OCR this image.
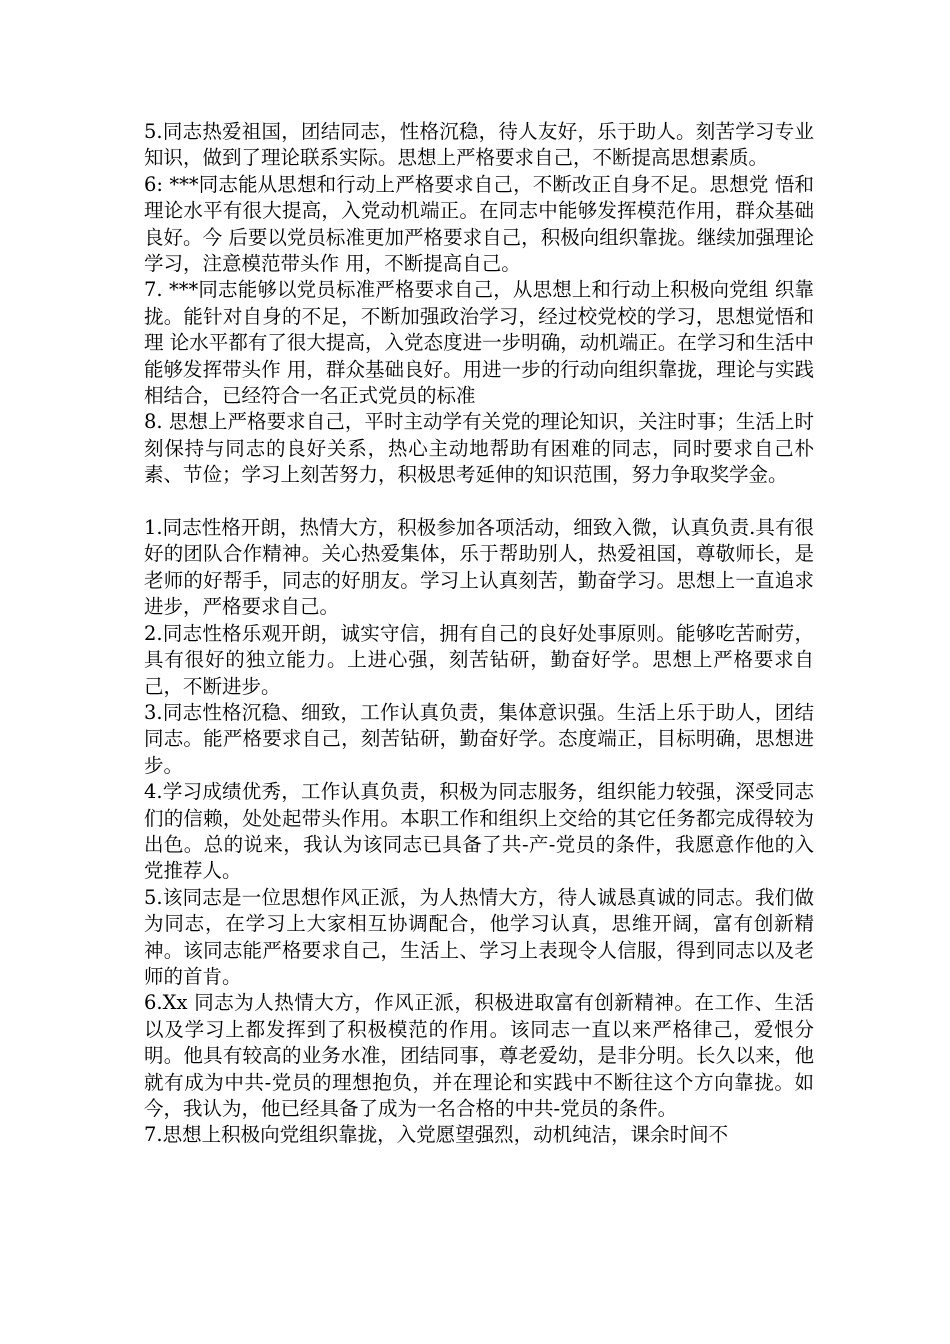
5.同志热爱祖国，团结同志，性格沉稳，待人友好，乐于助人。刻苦学习专业知识，做到了理论联系实际。思想上严格要求自己，不断提高思想素质。

6: ***同志能从思想和行动上严格要求自己，不断改正自身不足。思想党 悟和理论水平有很大提高，入党动机端正。在同志中能够发挥模范作用，群众基础良好。今 后要以党员标准更加严格要求自己，积极向组织靠拢。继续加强理论学习，注意模范带头作 用，不断提高自己。

7. ***同志能够以党员标准严格要求自己，从思想上和行动上积极向党组 织靠拢。能针对自身的不足，不断加强政治学习，经过校党校的学习，思想觉悟和理 论水平都有了很大提高，入党态度进一步明确，动机端正。在学习和生活中能够发挥带头作 用，群众基础良好。用进一步的行动向组织靠拢，理论与实践相结合，已经符合一名正式党员的标准

8. 思想上严格要求自己，平时主动学有关党的理论知识，关注时事；生活上时刻保持与同志的良好关系，热心主动地帮助有困难的同志，同时要求自己朴素、节俭；学习上刻苦努力，积极思考延伸的知识范围，努力争取奖学金。

1.同志性格开朗，热情大方，积极参加各项活动，细致入微，认真负责.具有很好的团队合作精神。关心热爱集体，乐于帮助别人，热爱祖国，尊敬师长，是老师的好帮手，同志的好朋友。学习上认真刻苦，勤奋学习。思想上一直追求进步，严格要求自己。

2.同志性格乐观开朗，诚实守信，拥有自己的良好处事原则。能够吃苦耐劳，具有很好的独立能力。上进心强，刻苦钻研，勤奋好学。思想上严格要求自己，不断进步。

3.同志性格沉稳、细致，工作认真负责，集体意识强。生活上乐于助人，团结同志。能严格要求自己，刻苦钻研，勤奋好学。态度端正，目标明确，思想进步。

4.学习成绩优秀，工作认真负责，积极为同志服务，组织能力较强，深受同志们的信赖，处处起带头作用。本职工作和组织上交给的其它任务都完成得较为出色。总的说来，我认为该同志已具备了共-产-党员的条件，我愿意作他的入党推荐人。

5.该同志是一位思想作风正派，为人热情大方，待人诚恳真诚的同志。我们做为同志，在学习上大家相互协调配合，他学习认真，思维开阔，富有创新精神。该同志能严格要求自己，生活上、学习上表现令人信服，得到同志以及老师的首肯。

6.Xx 同志为人热情大方，作风正派，积极进取富有创新精神。在工作、生活以及学习上都发挥到了积极模范的作用。该同志一直以来严格律己，爱恨分明。他具有较高的业务水准，团结同事，尊老爱幼，是非分明。长久以来，他就有成为中共-党员的理想抱负，并在理论和实践中不断往这个方向靠拢。如今，我认为，他已经具备了成为一名合格的中共-党员的条件。

7.思想上积极向党组织靠拢，入党愿望强烈，动机纯洁，课余时间不
